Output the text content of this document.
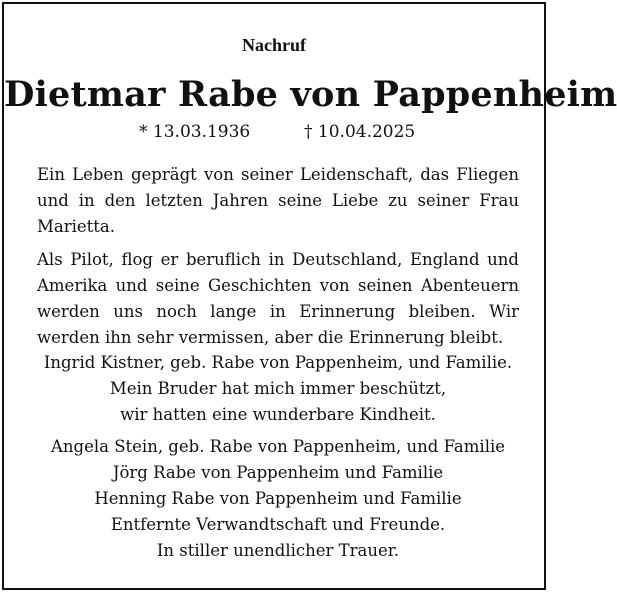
Nachruf
Dietmar Rabe von Pappenheim
* 13.03.1936	† 10.04.2025
Ein Leben geprägt von seiner Leidenschaft, das Fliegen
und in den letzten Jahren seine Liebe zu seiner Frau
Marietta.
Als Pilot, flog er beruflich in Deutschland, England und
Amerika und seine Geschichten von seinen Abenteuern
werden uns noch lange in Erinnerung bleiben. Wir
werden ihn sehr vermissen, aber die Erinnerung bleibt.
Ingrid Kistner, geb. Rabe von Pappenheim, und Familie.
Mein Bruder hat mich immer beschützt,
wir hatten eine wunderbare Kindheit.
Angela Stein, geb. Rabe von Pappenheim, und Familie
Jörg Rabe von Pappenheim und Familie
Henning Rabe von Pappenheim und Familie
Entfernte Verwandtschaft und Freunde.
In stiller unendlicher Trauer.
